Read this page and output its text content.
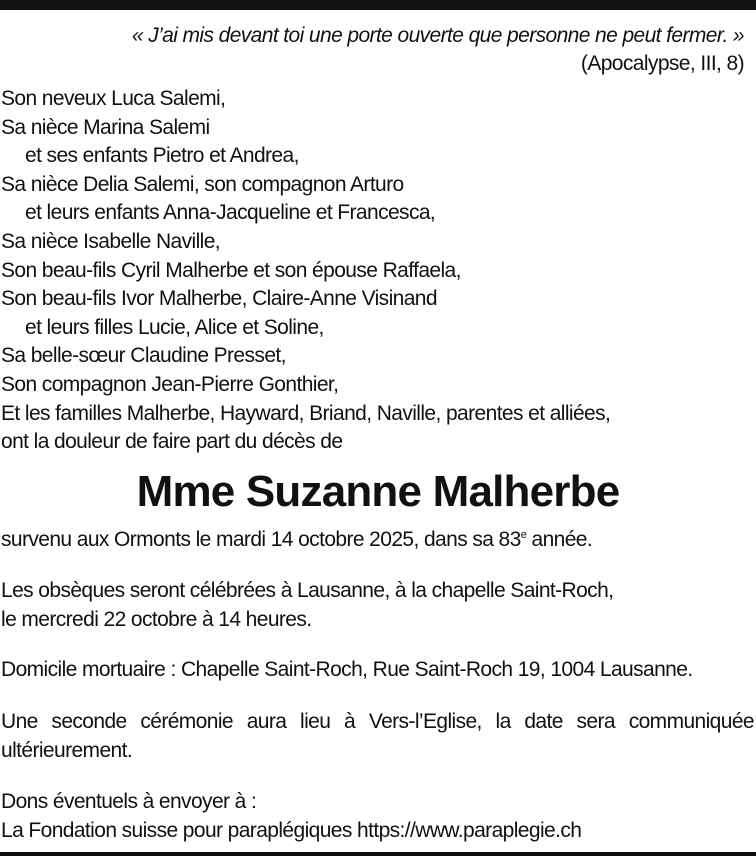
« J’ai mis devant toi une porte ouverte que personne ne peut fermer. »
(Apocalypse, III, 8)
Son neveux Luca Salemi,
Sa nièce Marina Salemi
et ses enfants Pietro et Andrea,
Sa nièce Delia Salemi, son compagnon Arturo
et leurs enfants Anna-Jacqueline et Francesca,
Sa nièce Isabelle Naville,
Son beau-fils Cyril Malherbe et son épouse Raffaela,
Son beau-fils Ivor Malherbe, Claire-Anne Visinand
et leurs filles Lucie, Alice et Soline,
Sa belle-sœur Claudine Presset,
Son compagnon Jean-Pierre Gonthier,
Et les familles Malherbe, Hayward, Briand, Naville, parentes et alliées,
ont la douleur de faire part du décès de
Mme Suzanne Malherbe
survenu aux Ormonts le mardi 14 octobre 2025, dans sa 83e année.
Les obsèques seront célébrées à Lausanne, à la chapelle Saint-Roch,
le mercredi 22 octobre à 14 heures.
Domicile mortuaire : Chapelle Saint-Roch, Rue Saint-Roch 19, 1004 Lausanne.
Une seconde cérémonie aura lieu à Vers-l’Eglise, la date sera communiquée ultérieurement.
Dons éventuels à envoyer à :
La Fondation suisse pour paraplégiques https://www.paraplegie.ch
